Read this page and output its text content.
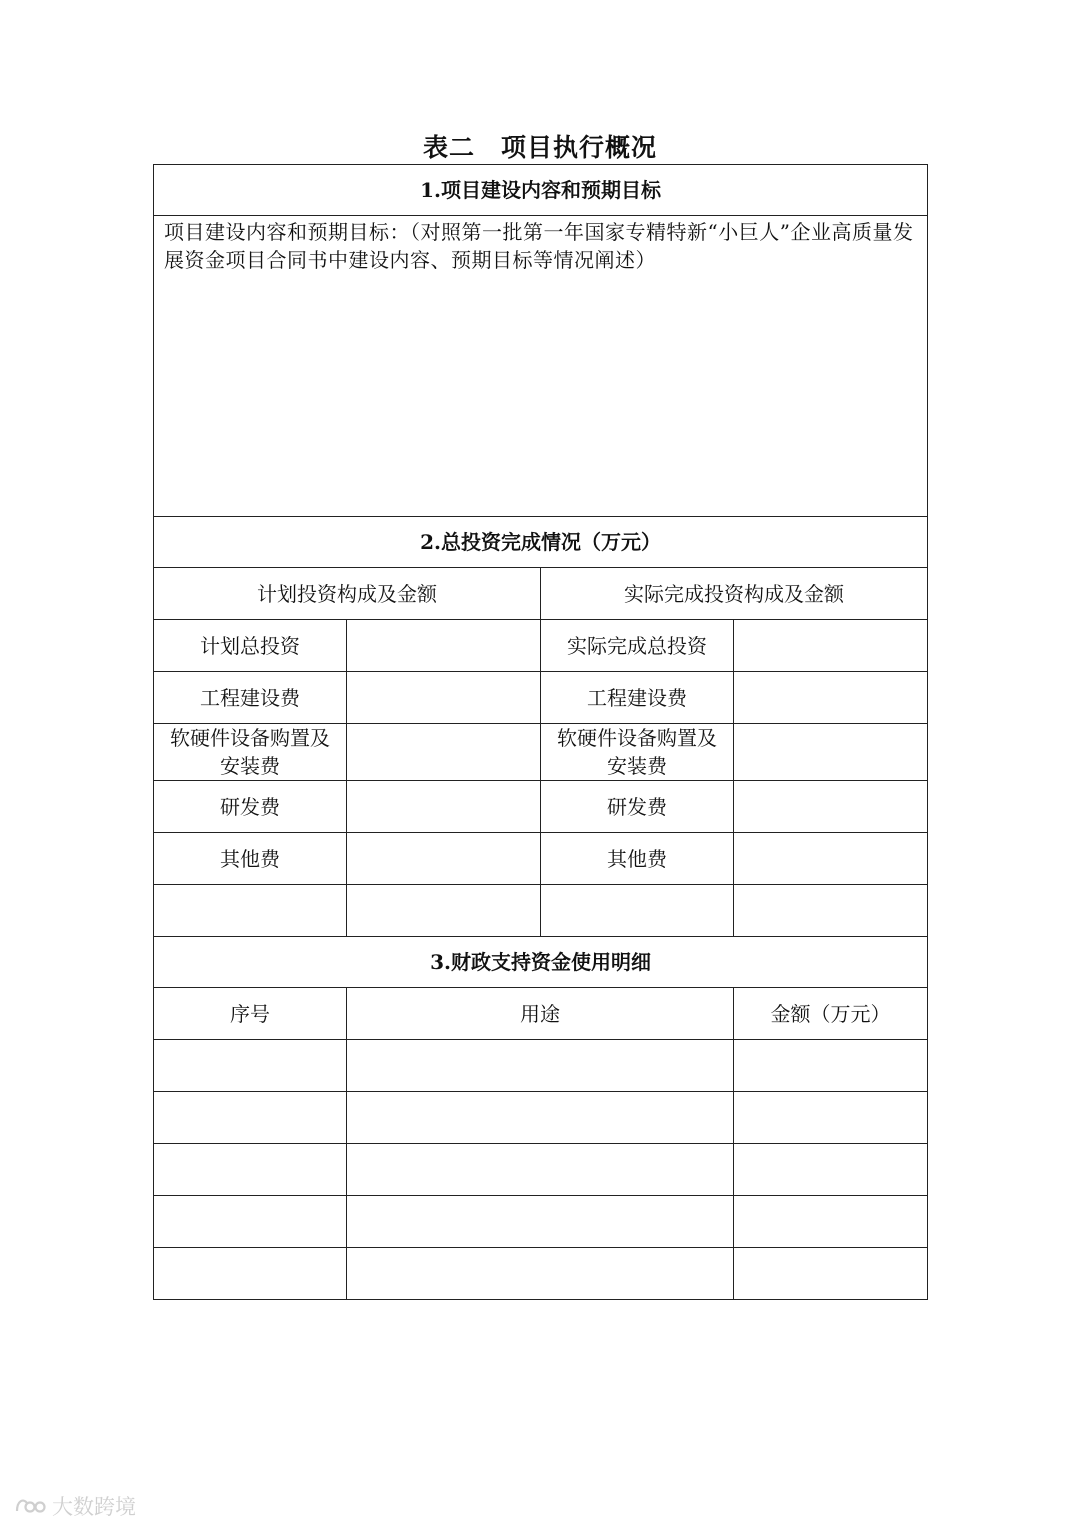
表二　项目执行概况
1.项目建设内容和预期目标			
项目建设内容和预期目标：（对照第一批第一年国家专精特新“小巨人”企业高质量发展资金项目合同书中建设内容、预期目标等情况阐述）			
2.总投资完成情况（万元）			
计划投资构成及金额		实际完成投资构成及金额	
计划总投资		实际完成总投资	
工程建设费		工程建设费	
软硬件设备购置及安装费		软硬件设备购置及安装费	
研发费		研发费	
其他费		其他费	

3.财政支持资金使用明细			
序号	用途		金额（万元）

大数跨境
